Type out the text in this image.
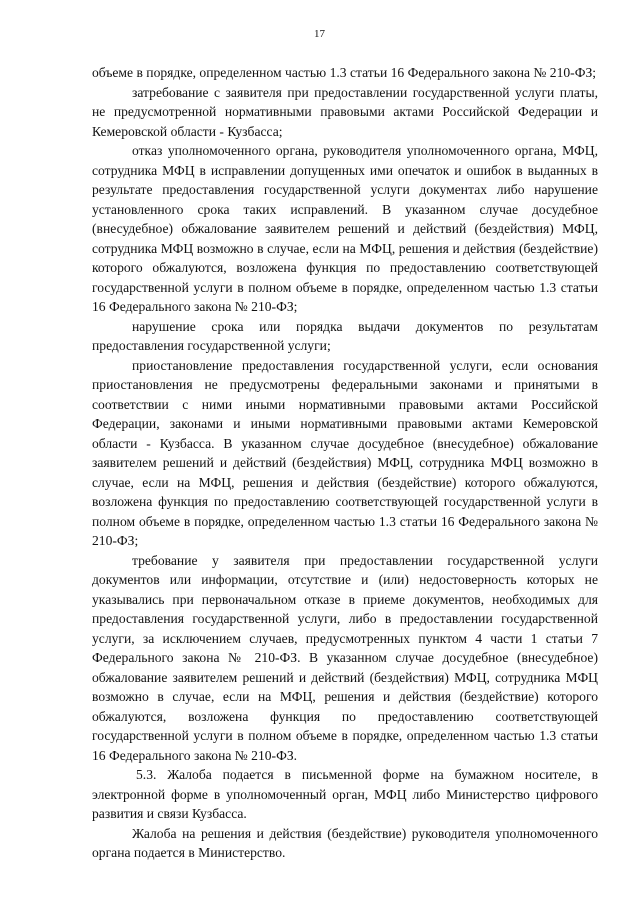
17

объеме в порядке, определенном частью 1.3 статьи 16 Федерального закона № 210-ФЗ;

затребование с заявителя при предоставлении государственной услуги платы, не предусмотренной нормативными правовыми актами Российской Федерации и Кемеровской области - Кузбасса;

отказ уполномоченного органа, руководителя уполномоченного органа, МФЦ, сотрудника МФЦ в исправлении допущенных ими опечаток и ошибок в выданных в результате предоставления государственной услуги документах либо нарушение установленного срока таких исправлений. В указанном случае досудебное (внесудебное) обжалование заявителем решений и действий (бездействия) МФЦ, сотрудника МФЦ возможно в случае, если на МФЦ, решения и действия (бездействие) которого обжалуются, возложена функция по предоставлению соответствующей государственной услуги в полном объеме в порядке, определенном частью 1.3 статьи 16 Федерального закона № 210-ФЗ;

нарушение срока или порядка выдачи документов по результатам предоставления государственной услуги;

приостановление предоставления государственной услуги, если основания приостановления не предусмотрены федеральными законами и принятыми в соответствии с ними иными нормативными правовыми актами Российской Федерации, законами и иными нормативными правовыми актами Кемеровской области - Кузбасса. В указанном случае досудебное (внесудебное) обжалование заявителем решений и действий (бездействия) МФЦ, сотрудника МФЦ возможно в случае, если на МФЦ, решения и действия (бездействие) которого обжалуются, возложена функция по предоставлению соответствующей государственной услуги в полном объеме в порядке, определенном частью 1.3 статьи 16 Федерального закона № 210-ФЗ;

требование у заявителя при предоставлении государственной услуги документов или информации, отсутствие и (или) недостоверность которых не указывались при первоначальном отказе в приеме документов, необходимых для предоставления государственной услуги, либо в предоставлении государственной услуги, за исключением случаев, предусмотренных пунктом 4 части 1 статьи 7 Федерального закона № 210-ФЗ. В указанном случае досудебное (внесудебное) обжалование заявителем решений и действий (бездействия) МФЦ, сотрудника МФЦ возможно в случае, если на МФЦ, решения и действия (бездействие) которого обжалуются, возложена функция по предоставлению соответствующей государственной услуги в полном объеме в порядке, определенном частью 1.3 статьи 16 Федерального закона № 210-ФЗ.

5.3. Жалоба подается в письменной форме на бумажном носителе, в электронной форме в уполномоченный орган, МФЦ либо Министерство цифрового развития и связи Кузбасса.

Жалоба на решения и действия (бездействие) руководителя уполномоченного органа подается в Министерство.
